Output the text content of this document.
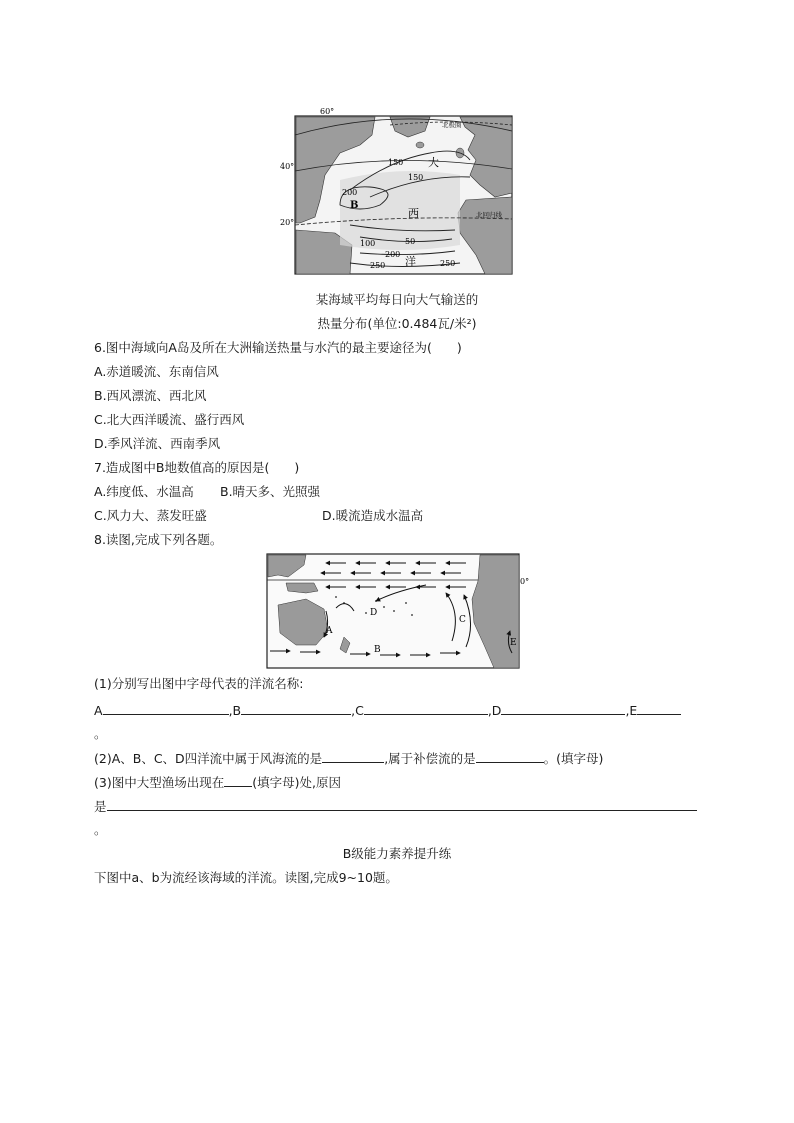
60°
40°
20°
北极圈
北回归线
150
150
200
100	50
200
250	250
大
西
洋
B
某海域平均每日向大气输送的
热量分布(单位:0.484瓦/米²)
6.图中海域向A岛及所在大洲输送热量与水汽的最主要途径为(　　)
A.赤道暖流、东南信风
B.西风漂流、西北风
C.北大西洋暖流、盛行西风
D.季风洋流、西南季风
7.造成图中B地数值高的原因是(　　)
A.纬度低、水温高 B.晴天多、光照强
C.风力大、蒸发旺盛	D.暖流造成水温高
8.读图,完成下列各题。
0°
A
B
C
D
E
(1)分别写出图中字母代表的洋流名称:
A	,B	,C	,D	,E
。
(2)A、B、C、D四洋流中属于风海流的是	,属于补偿流的是	。(填字母)
(3)图中大型渔场出现在 (填字母)处,原因
是
。
B级能力素养提升练
下图中a、b为流经该海域的洋流。读图,完成9~10题。
